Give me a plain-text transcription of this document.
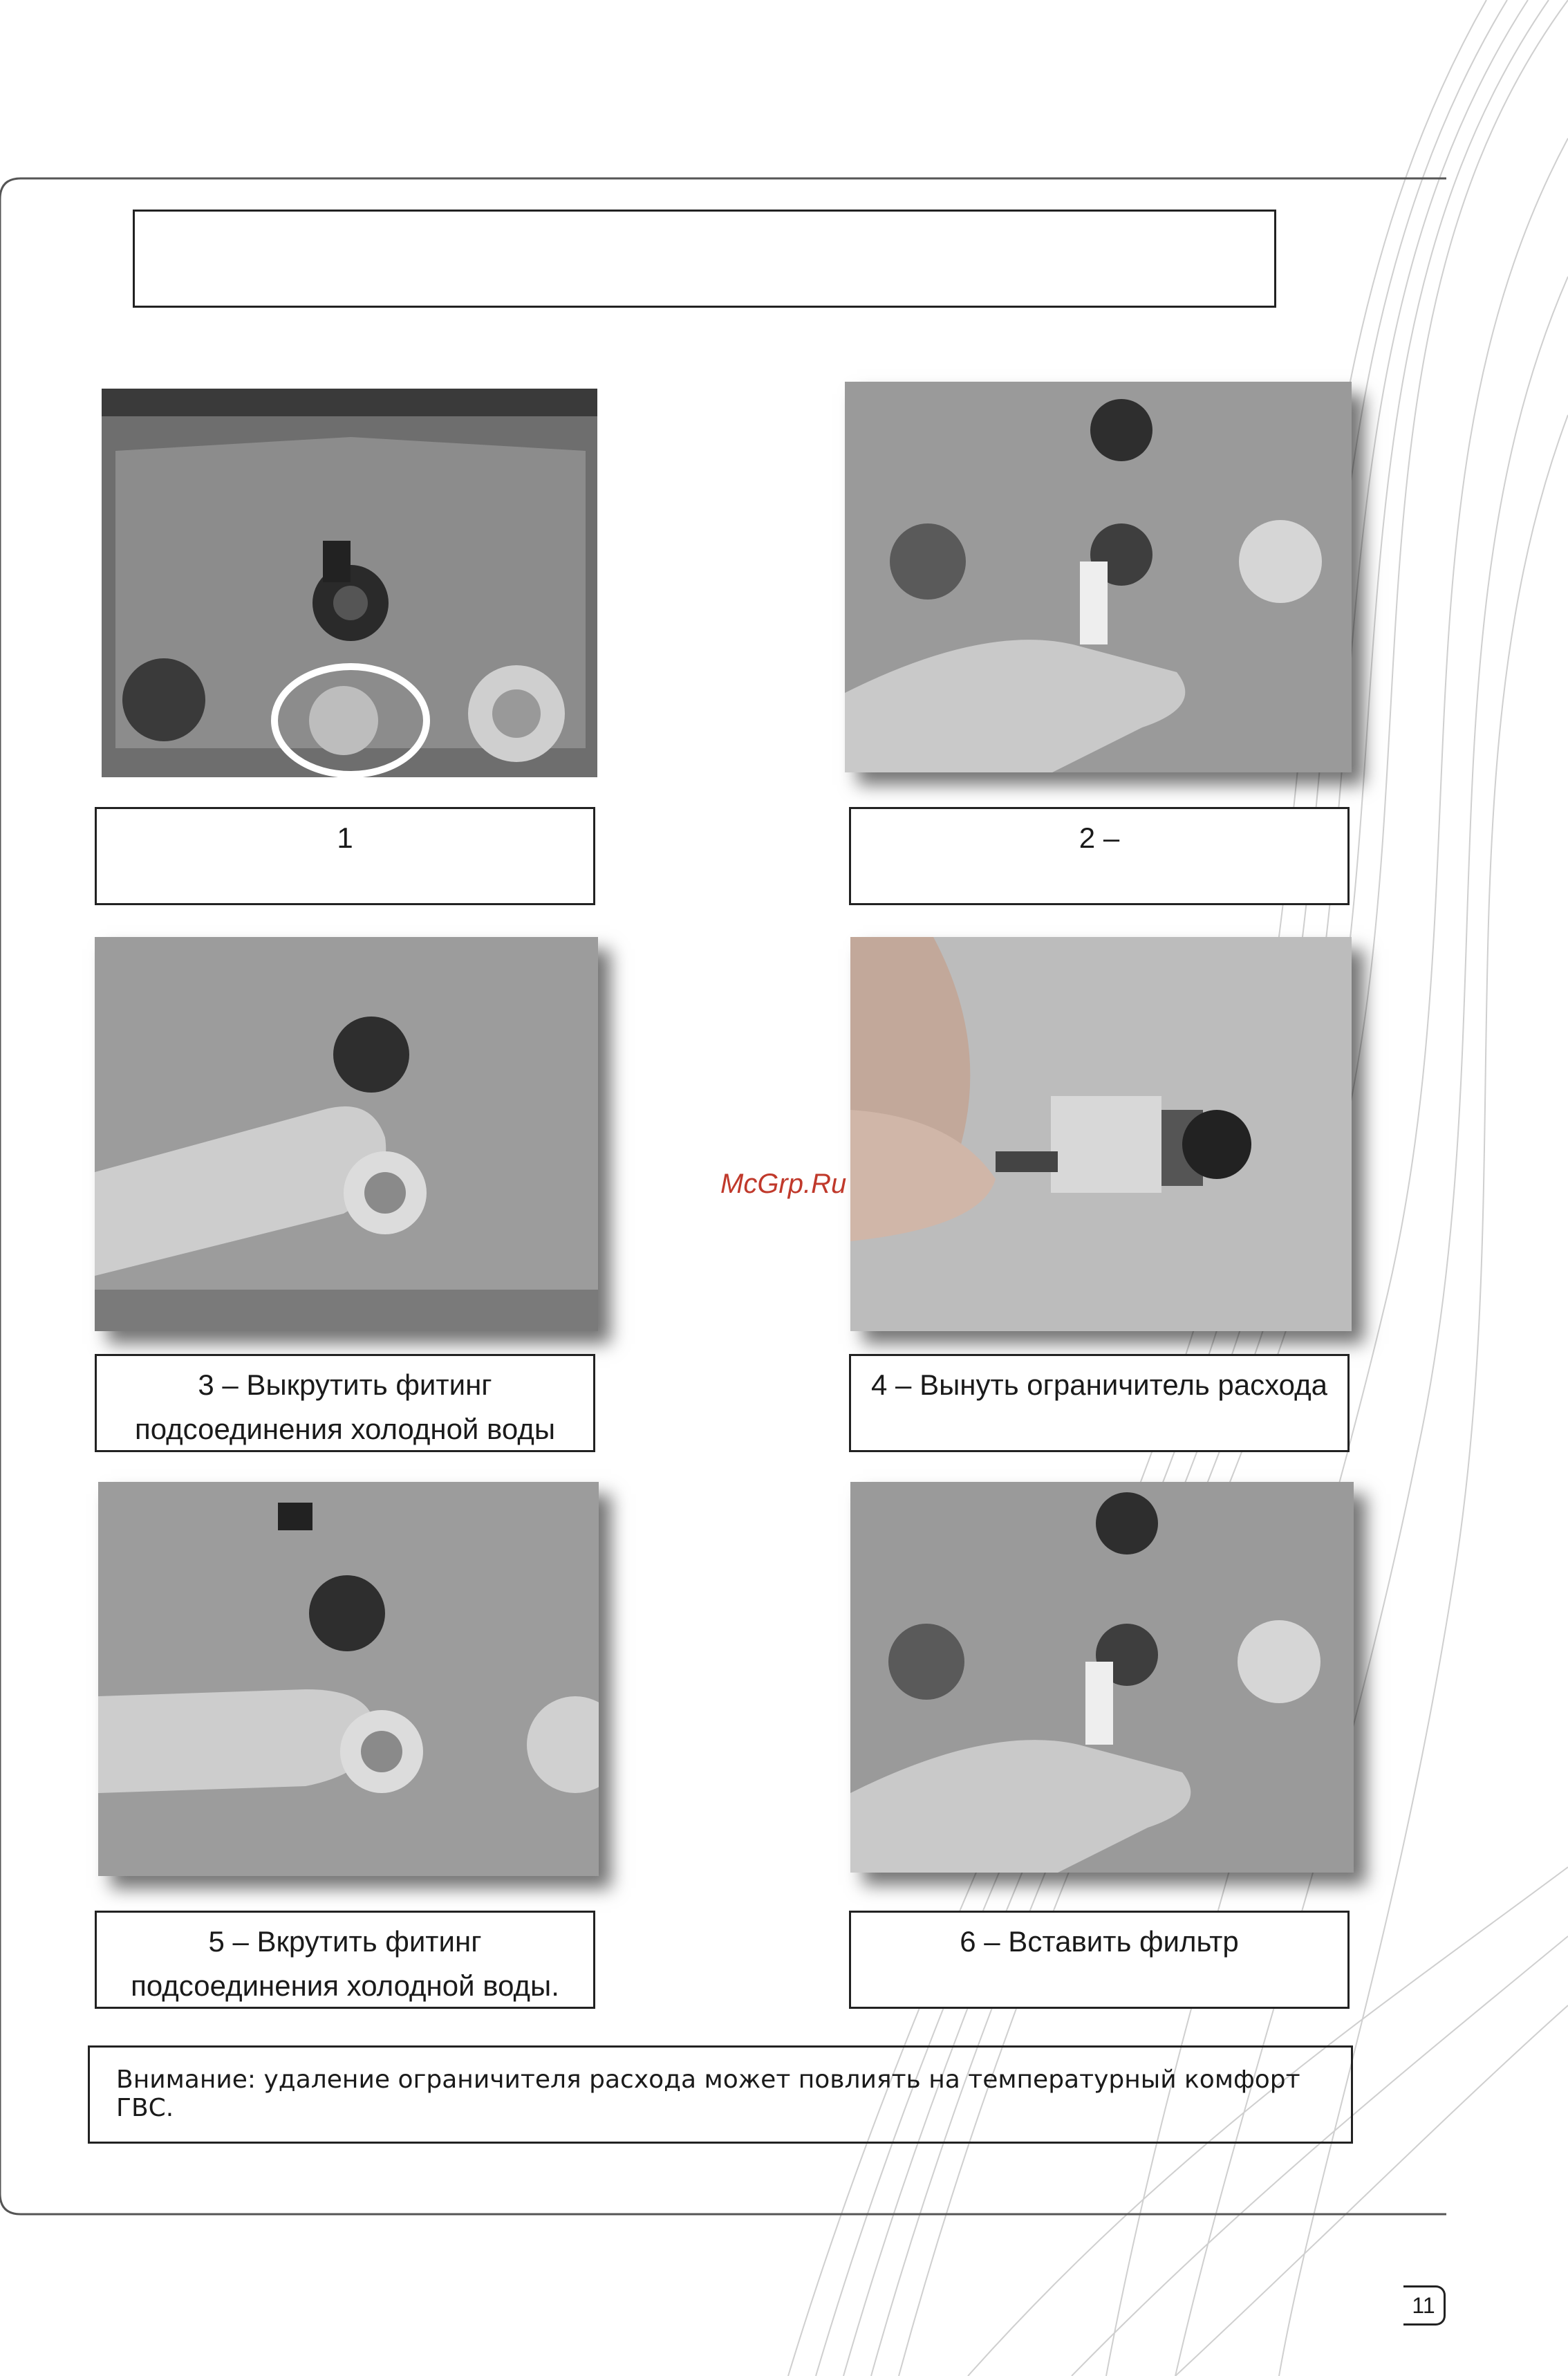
1	2 –
3 – Выкрутить фитинг
подсоединения холодной воды
4 – Вынуть ограничитель расхода
5 – Вкрутить фитинг
подсоединения холодной воды.
6 – Вставить фильтр
McGrp.Ru
Внимание: удаление ограничителя расхода может повлиять на температурный комфорт ГВС.
11
